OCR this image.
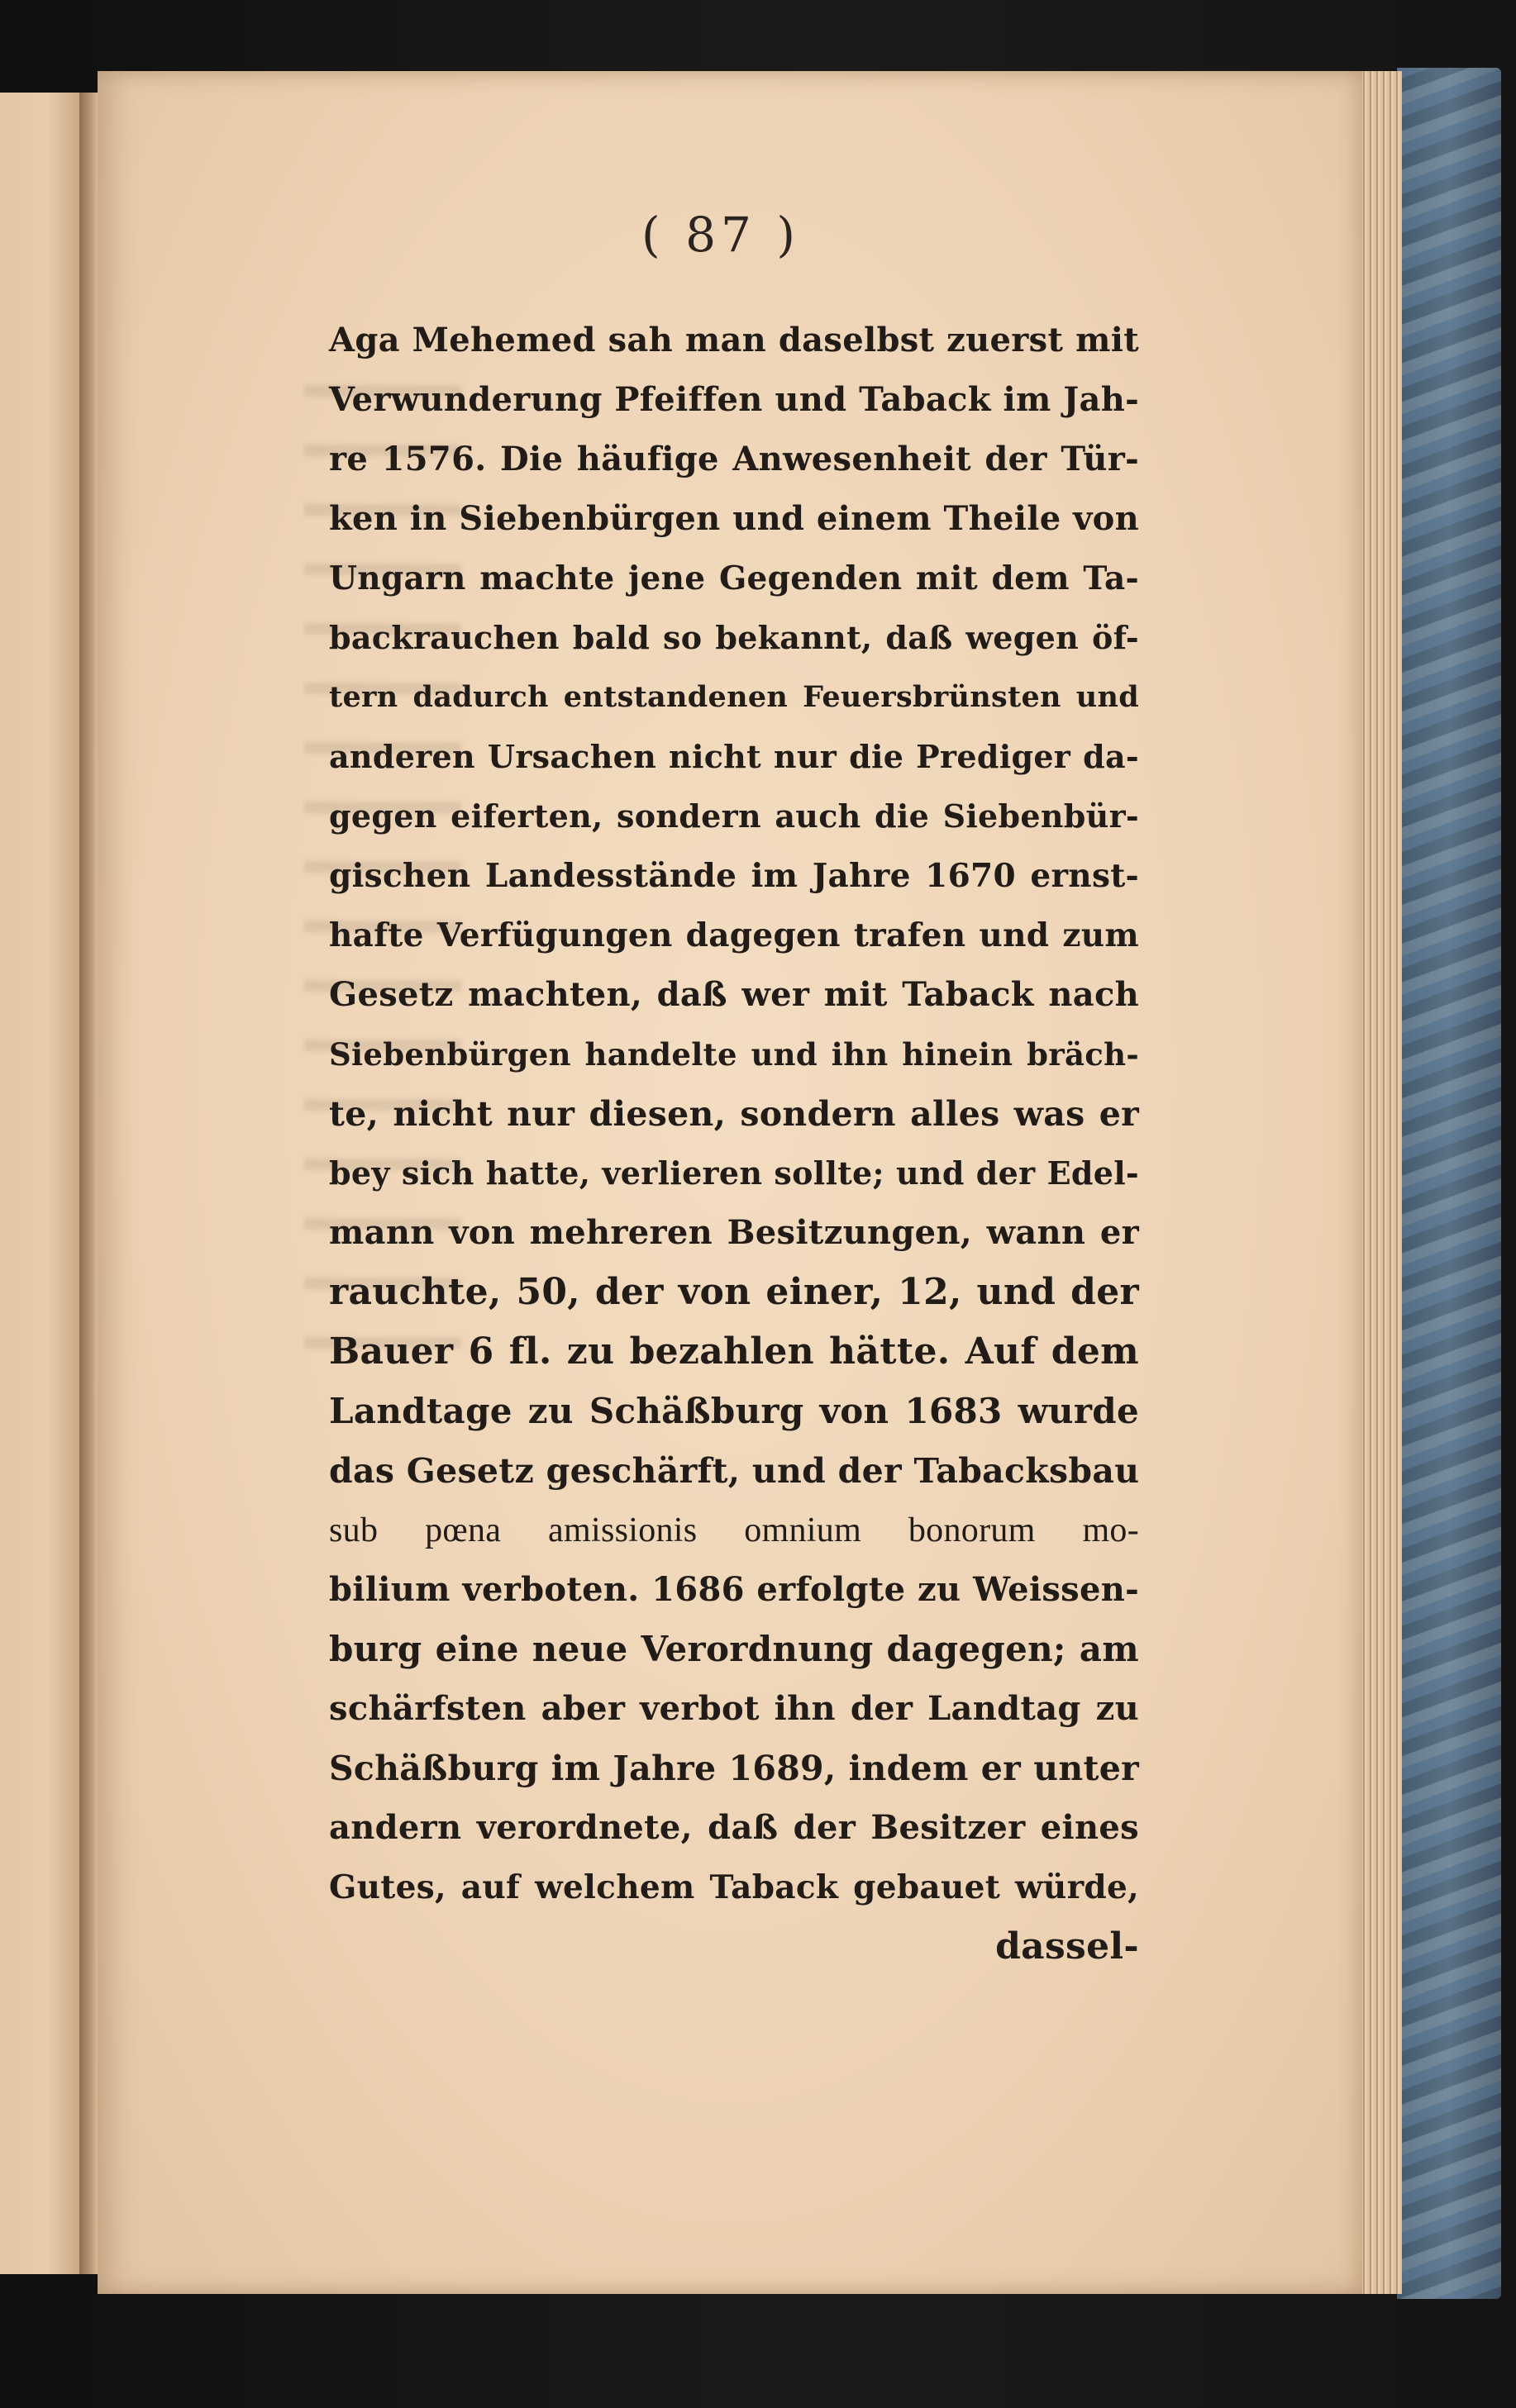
( 87 )
Aga Mehemed sah man daselbst zuerst mit
Verwunderung Pfeiffen und Taback im Jah-
re 1576. Die häufige Anwesenheit der Tür-
ken in Siebenbürgen und einem Theile von
Ungarn machte jene Gegenden mit dem Ta-
backrauchen bald so bekannt, daß wegen öf-
tern dadurch entstandenen Feuersbrünsten und
anderen Ursachen nicht nur die Prediger da-
gegen eiferten, sondern auch die Siebenbür-
gischen Landesstände im Jahre 1670 ernst-
hafte Verfügungen dagegen trafen und zum
Gesetz machten, daß wer mit Taback nach
Siebenbürgen handelte und ihn hinein bräch-
te, nicht nur diesen, sondern alles was er
bey sich hatte, verlieren sollte; und der Edel-
mann von mehreren Besitzungen, wann er
rauchte, 50, der von einer, 12, und der
Bauer 6 fl. zu bezahlen hätte. Auf dem
Landtage zu Schäßburg von 1683 wurde
das Gesetz geschärft, und der Tabacksbau
sub pœna amissionis omnium bonorum mo-
bilium verboten. 1686 erfolgte zu Weissen-
burg eine neue Verordnung dagegen; am
schärfsten aber verbot ihn der Landtag zu
Schäßburg im Jahre 1689, indem er unter
andern verordnete, daß der Besitzer eines
Gutes, auf welchem Taback gebauet würde,
dassel-
